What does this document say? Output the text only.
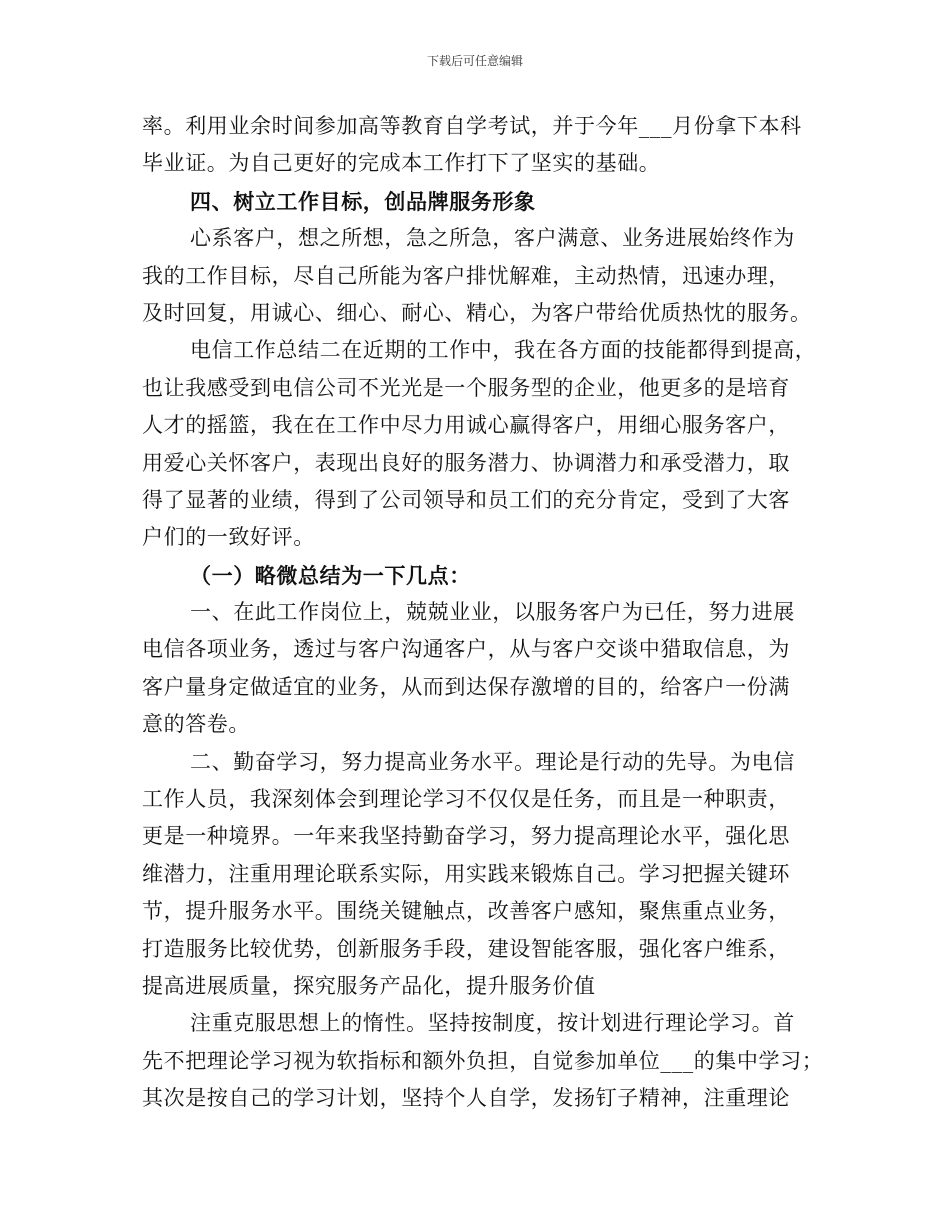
下载后可任意编辑
率。利用业余时间参加高等教育自学考试，并于今年___月份拿下本科
毕业证。为自己更好的完成本工作打下了坚实的基础。
四、树立工作目标，创品牌服务形象
心系客户，想之所想，急之所急，客户满意、业务进展始终作为
我的工作目标，尽自己所能为客户排忧解难，主动热情，迅速办理，
及时回复，用诚心、细心、耐心、精心，为客户带给优质热忱的服务。
电信工作总结二在近期的工作中，我在各方面的技能都得到提高，
也让我感受到电信公司不光光是一个服务型的企业，他更多的是培育
人才的摇篮，我在在工作中尽力用诚心赢得客户，用细心服务客户，
用爱心关怀客户，表现出良好的服务潜力、协调潜力和承受潜力，取
得了显著的业绩，得到了公司领导和员工们的充分肯定，受到了大客
户们的一致好评。
（一）略微总结为一下几点：
一、在此工作岗位上，兢兢业业，以服务客户为已任，努力进展
电信各项业务，透过与客户沟通客户，从与客户交谈中猎取信息，为
客户量身定做适宜的业务，从而到达保存激增的目的，给客户一份满
意的答卷。
二、勤奋学习，努力提高业务水平。理论是行动的先导。为电信
工作人员，我深刻体会到理论学习不仅仅是任务，而且是一种职责，
更是一种境界。一年来我坚持勤奋学习，努力提高理论水平，强化思
维潜力，注重用理论联系实际，用实践来锻炼自己。学习把握关键环
节，提升服务水平。围绕关键触点，改善客户感知，聚焦重点业务，
打造服务比较优势，创新服务手段，建设智能客服，强化客户维系，
提高进展质量，探究服务产品化，提升服务价值
注重克服思想上的惰性。坚持按制度，按计划进行理论学习。首
先不把理论学习视为软指标和额外负担，自觉参加单位___的集中学习；
其次是按自己的学习计划，坚持个人自学，发扬钉子精神，注重理论
